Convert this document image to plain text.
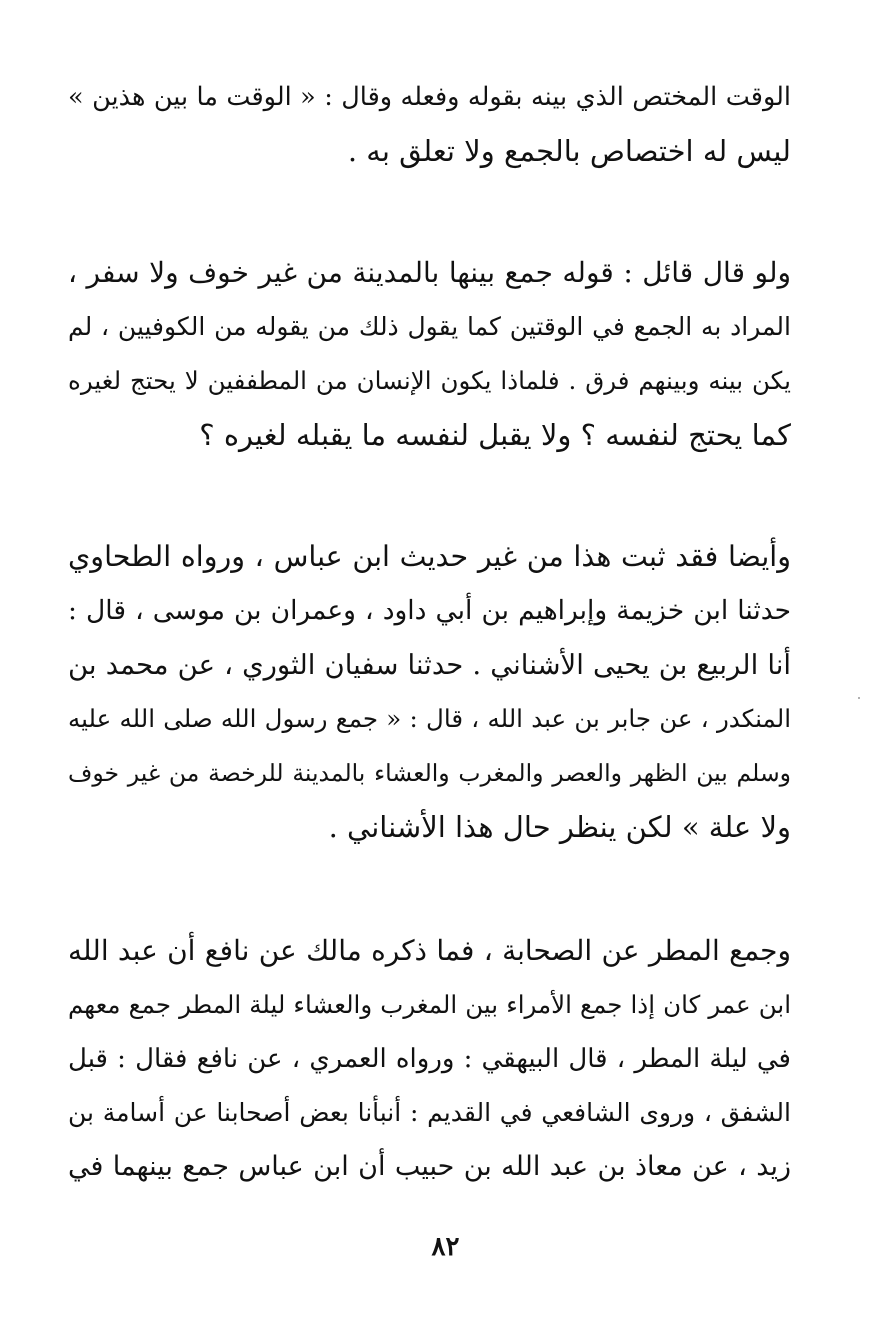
الوقت المختص الذي بينه بقوله وفعله وقال : « الوقت ما بين هذين »
ليس له اختصاص بالجمع ولا تعلق به .
ولو قال قائل : قوله جمع بينها بالمدينة من غير خوف ولا سفر ،
المراد به الجمع في الوقتين كما يقول ذلك من يقوله من الكوفيين ، لم
يكن بينه وبينهم فرق . فلماذا يكون الإنسان من المطففين لا يحتج لغيره
كما يحتج لنفسه ؟ ولا يقبل لنفسه ما يقبله لغيره ؟
وأيضا فقد ثبت هذا من غير حديث ابن عباس ، ورواه الطحاوي
حدثنا ابن خزيمة وإبراهيم بن أبي داود ، وعمران بن موسى ، قال :
أنا الربيع بن يحيى الأشناني . حدثنا سفيان الثوري ، عن محمد بن
المنكدر ، عن جابر بن عبد الله ، قال : « جمع رسول الله صلى الله عليه
وسلم بين الظهر والعصر والمغرب والعشاء بالمدينة للرخصة من غير خوف
ولا علة » لكن ينظر حال هذا الأشناني .
وجمع المطر عن الصحابة ، فما ذكره مالك عن نافع أن عبد الله
ابن عمر كان إذا جمع الأمراء بين المغرب والعشاء ليلة المطر جمع معهم
في ليلة المطر ، قال البيهقي : ورواه العمري ، عن نافع فقال : قبل
الشفق ، وروى الشافعي في القديم : أنبأنا بعض أصحابنا عن أسامة بن
زيد ، عن معاذ بن عبد الله بن حبيب أن ابن عباس جمع بينهما في
٨٢
